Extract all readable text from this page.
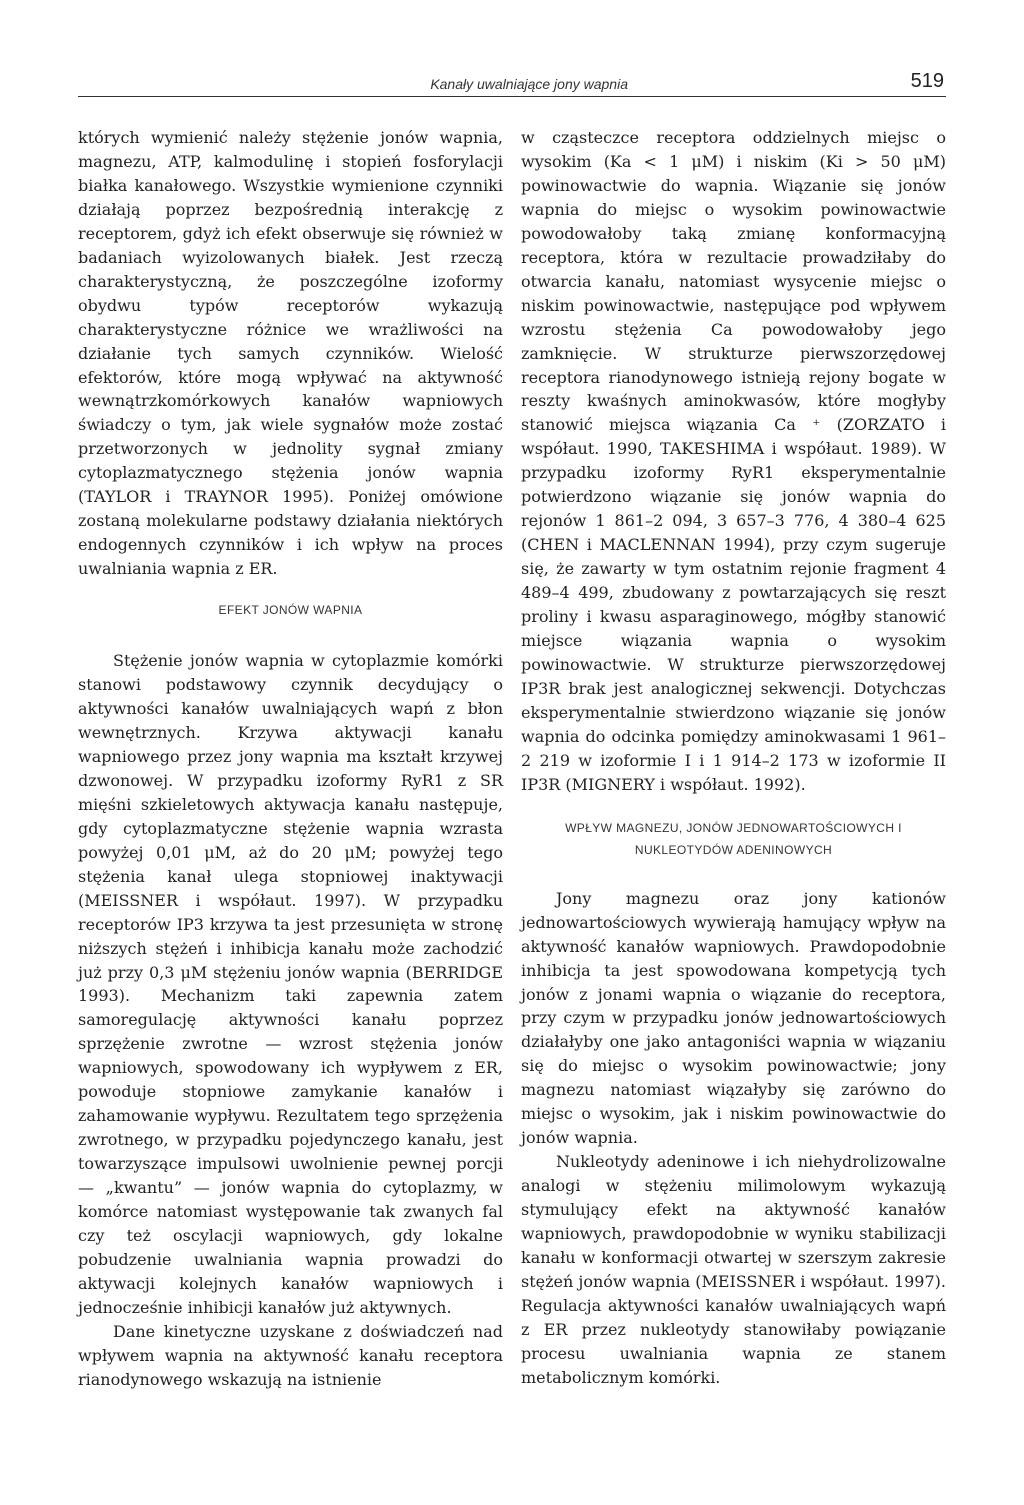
Kanały uwalniające jony wapnia	519

których wymienić należy stężenie jonów wapnia, magnezu, ATP, kalmodulinę i stopień fosforylacji białka kanałowego. Wszystkie wymienione czynniki działają poprzez bezpośrednią interakcję z receptorem, gdyż ich efekt obserwuje się również w badaniach wyizolowanych białek. Jest rzeczą charakterystyczną, że poszczególne izoformy obydwu typów receptorów wykazują charakterystyczne różnice we wrażliwości na działanie tych samych czynników. Wielość efektorów, które mogą wpływać na aktywność wewnątrzkomórkowych kanałów wapniowych świadczy o tym, jak wiele sygnałów może zostać przetworzonych w jednolity sygnał zmiany cytoplazmatycznego stężenia jonów wapnia (TAYLOR i TRAYNOR 1995). Poniżej omówione zostaną molekularne podstawy działania niektórych endogennych czynników i ich wpływ na proces uwalniania wapnia z ER.

EFEKT JONÓW WAPNIA

Stężenie jonów wapnia w cytoplazmie komórki stanowi podstawowy czynnik decydujący o aktywności kanałów uwalniających wapń z błon wewnętrznych. Krzywa aktywacji kanału wapniowego przez jony wapnia ma kształt krzywej dzwonowej. W przypadku izoformy RyR1 z SR mięśni szkieletowych aktywacja kanału następuje, gdy cytoplazmatyczne stężenie wapnia wzrasta powyżej 0,01 μM, aż do 20 μM; powyżej tego stężenia kanał ulega stopniowej inaktywacji (MEISSNER i współaut. 1997). W przypadku receptorów IP3 krzywa ta jest przesunięta w stronę niższych stężeń i inhibicja kanału może zachodzić już przy 0,3 μM stężeniu jonów wapnia (BERRIDGE 1993). Mechanizm taki zapewnia zatem samoregulację aktywności kanału poprzez sprzężenie zwrotne — wzrost stężenia jonów wapniowych, spowodowany ich wypływem z ER, powoduje stopniowe zamykanie kanałów i zahamowanie wypływu. Rezultatem tego sprzężenia zwrotnego, w przypadku pojedynczego kanału, jest towarzyszące impulsowi uwolnienie pewnej porcji — „kwantu” — jonów wapnia do cytoplazmy, w komórce natomiast występowanie tak zwanych fal czy też oscylacji wapniowych, gdy lokalne pobudzenie uwalniania wapnia prowadzi do aktywacji kolejnych kanałów wapniowych i jednocześnie inhibicji kanałów już aktywnych.

Dane kinetyczne uzyskane z doświadczeń nad wpływem wapnia na aktywność kanału receptora rianodynowego wskazują na istnienie

w cząsteczce receptora oddzielnych miejsc o wysokim (Ka < 1 μM) i niskim (Ki > 50 μM) powinowactwie do wapnia. Wiązanie się jonów wapnia do miejsc o wysokim powinowactwie powodowałoby taką zmianę konformacyjną receptora, która w rezultacie prowadziłaby do otwarcia kanału, natomiast wysycenie miejsc o niskim powinowactwie, następujące pod wpływem wzrostu stężenia Ca powodowałoby jego zamknięcie. W strukturze pierwszorzędowej receptora rianodynowego istnieją rejony bogate w reszty kwaśnych aminokwasów, które mogłyby stanowić miejsca wiązania Ca ⁺ (ZORZATO i współaut. 1990, TAKESHIMA i współaut. 1989). W przypadku izoformy RyR1 eksperymentalnie potwierdzono wiązanie się jonów wapnia do rejonów 1 861–2 094, 3 657–3 776, 4 380–4 625 (CHEN i MACLENNAN 1994), przy czym sugeruje się, że zawarty w tym ostatnim rejonie fragment 4 489–4 499, zbudowany z powtarzających się reszt proliny i kwasu asparaginowego, mógłby stanowić miejsce wiązania wapnia o wysokim powinowactwie. W strukturze pierwszorzędowej IP3R brak jest analogicznej sekwencji. Dotychczas eksperymentalnie stwierdzono wiązanie się jonów wapnia do odcinka pomiędzy aminokwasami 1 961–2 219 w izoformie I i 1 914–2 173 w izoformie II IP3R (MIGNERY i współaut. 1992).

WPŁYW MAGNEZU, JONÓW JEDNOWARTOŚCIOWYCH I
NUKLEOTYDÓW ADENINOWYCH

Jony magnezu oraz jony kationów jednowartościowych wywierają hamujący wpływ na aktywność kanałów wapniowych. Prawdopodobnie inhibicja ta jest spowodowana kompetycją tych jonów z jonami wapnia o wiązanie do receptora, przy czym w przypadku jonów jednowartościowych działałyby one jako antagoniści wapnia w wiązaniu się do miejsc o wysokim powinowactwie; jony magnezu natomiast wiązałyby się zarówno do miejsc o wysokim, jak i niskim powinowactwie do jonów wapnia.

Nukleotydy adeninowe i ich niehydrolizowalne analogi w stężeniu milimolowym wykazują stymulujący efekt na aktywność kanałów wapniowych, prawdopodobnie w wyniku stabilizacji kanału w konformacji otwartej w szerszym zakresie stężeń jonów wapnia (MEISSNER i współaut. 1997). Regulacja aktywności kanałów uwalniających wapń z ER przez nukleotydy stanowiłaby powiązanie procesu uwalniania wapnia ze stanem metabolicznym komórki.
